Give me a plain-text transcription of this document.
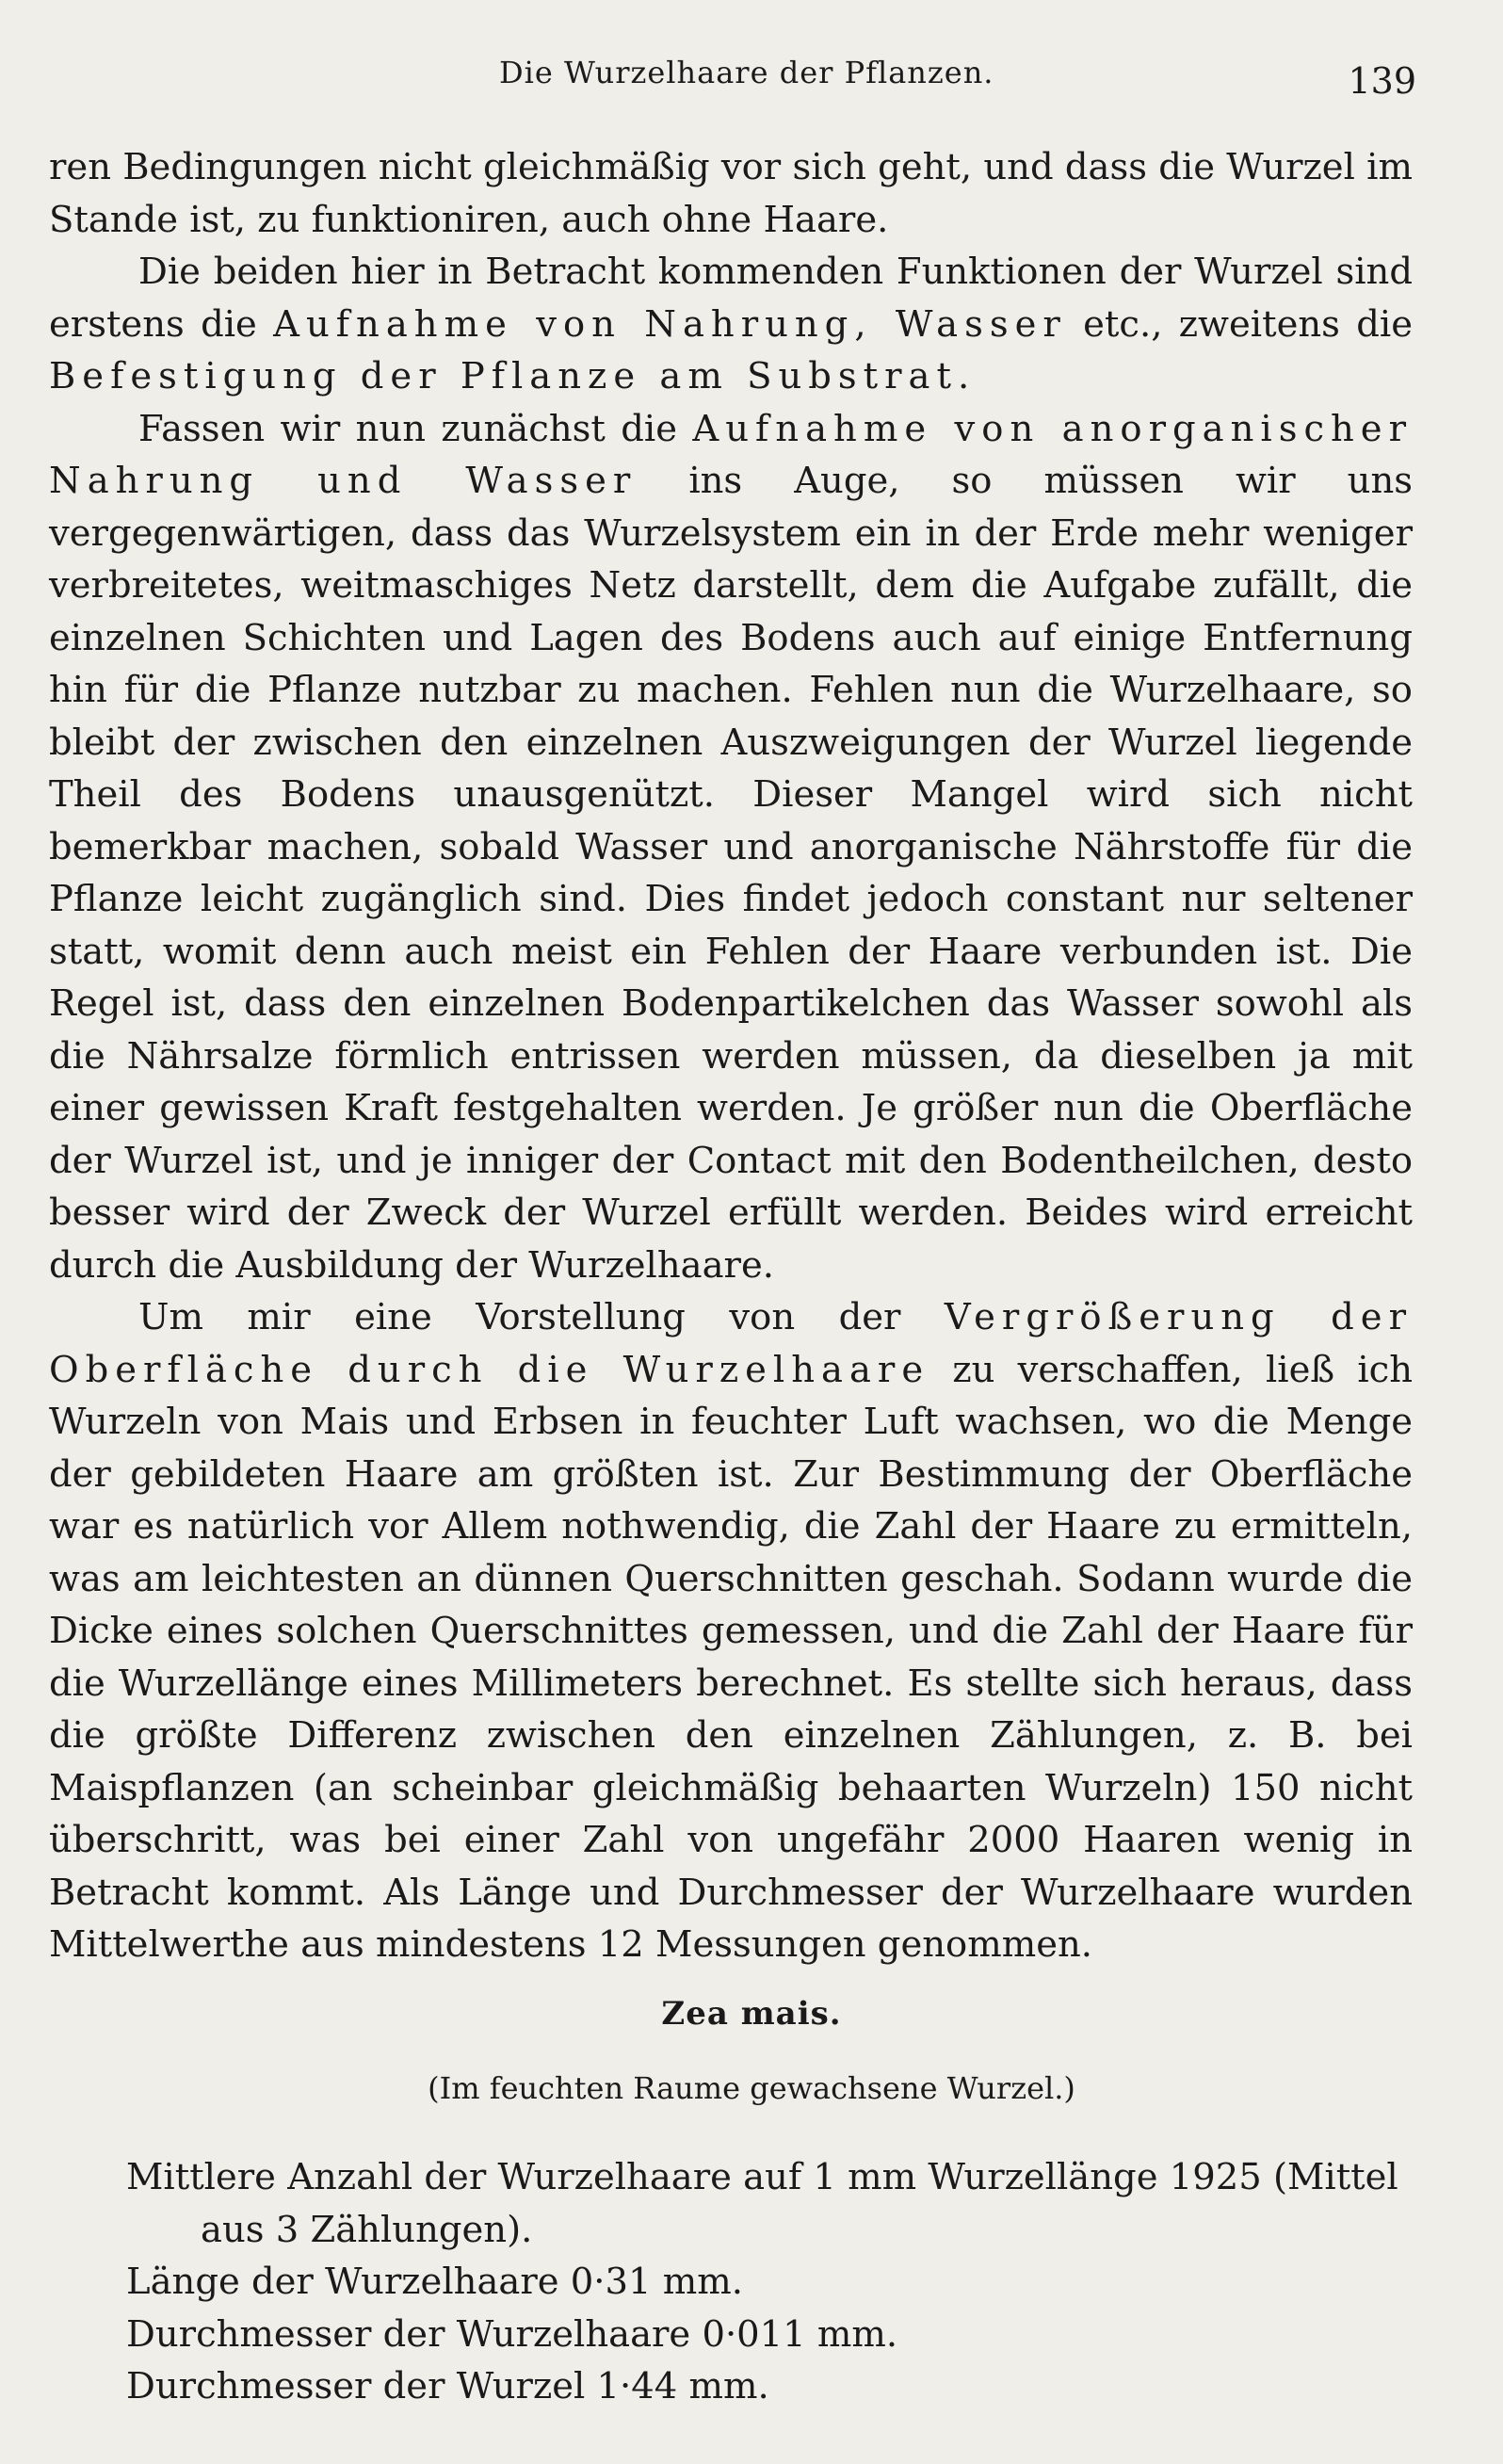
Die Wurzelhaare der Pflanzen.	139

ren Bedingungen nicht gleichmäßig vor sich geht, und dass die Wurzel im Stande ist, zu funktioniren, auch ohne Haare.

Die beiden hier in Betracht kommenden Funktionen der Wurzel sind erstens die Aufnahme von Nahrung, Wasser etc., zweitens die Befestigung der Pflanze am Substrat.

Fassen wir nun zunächst die Aufnahme von anorganischer Nahrung und Wasser ins Auge, so müssen wir uns vergegenwärtigen, dass das Wurzelsystem ein in der Erde mehr weniger verbreitetes, weitmaschiges Netz darstellt, dem die Aufgabe zufällt, die einzelnen Schichten und Lagen des Bodens auch auf einige Entfernung hin für die Pflanze nutzbar zu machen. Fehlen nun die Wurzelhaare, so bleibt der zwischen den einzelnen Auszweigungen der Wurzel liegende Theil des Bodens unausgenützt. Dieser Mangel wird sich nicht bemerkbar machen, sobald Wasser und anorganische Nährstoffe für die Pflanze leicht zugänglich sind. Dies findet jedoch constant nur seltener statt, womit denn auch meist ein Fehlen der Haare verbunden ist. Die Regel ist, dass den einzelnen Bodenpartikelchen das Wasser sowohl als die Nährsalze förmlich entrissen werden müssen, da dieselben ja mit einer gewissen Kraft festgehalten werden. Je größer nun die Oberfläche der Wurzel ist, und je inniger der Contact mit den Bodentheilchen, desto besser wird der Zweck der Wurzel erfüllt werden. Beides wird erreicht durch die Ausbildung der Wurzelhaare.

Um mir eine Vorstellung von der Vergrößerung der Oberfläche durch die Wurzelhaare zu verschaffen, ließ ich Wurzeln von Mais und Erbsen in feuchter Luft wachsen, wo die Menge der gebildeten Haare am größten ist. Zur Bestimmung der Oberfläche war es natürlich vor Allem nothwendig, die Zahl der Haare zu ermitteln, was am leichtesten an dünnen Querschnitten geschah. Sodann wurde die Dicke eines solchen Querschnittes gemessen, und die Zahl der Haare für die Wurzellänge eines Millimeters berechnet. Es stellte sich heraus, dass die größte Differenz zwischen den einzelnen Zählungen, z. B. bei Maispflanzen (an scheinbar gleichmäßig behaarten Wurzeln) 150 nicht überschritt, was bei einer Zahl von ungefähr 2000 Haaren wenig in Betracht kommt. Als Länge und Durchmesser der Wurzelhaare wurden Mittelwerthe aus mindestens 12 Messungen genommen.

Zea mais.
(Im feuchten Raume gewachsene Wurzel.)

Mittlere Anzahl der Wurzelhaare auf 1 mm Wurzellänge 1925 (Mittel aus 3 Zählungen).

Länge der Wurzelhaare 0·31 mm.

Durchmesser der Wurzelhaare 0·011 mm.

Durchmesser der Wurzel 1·44 mm.
